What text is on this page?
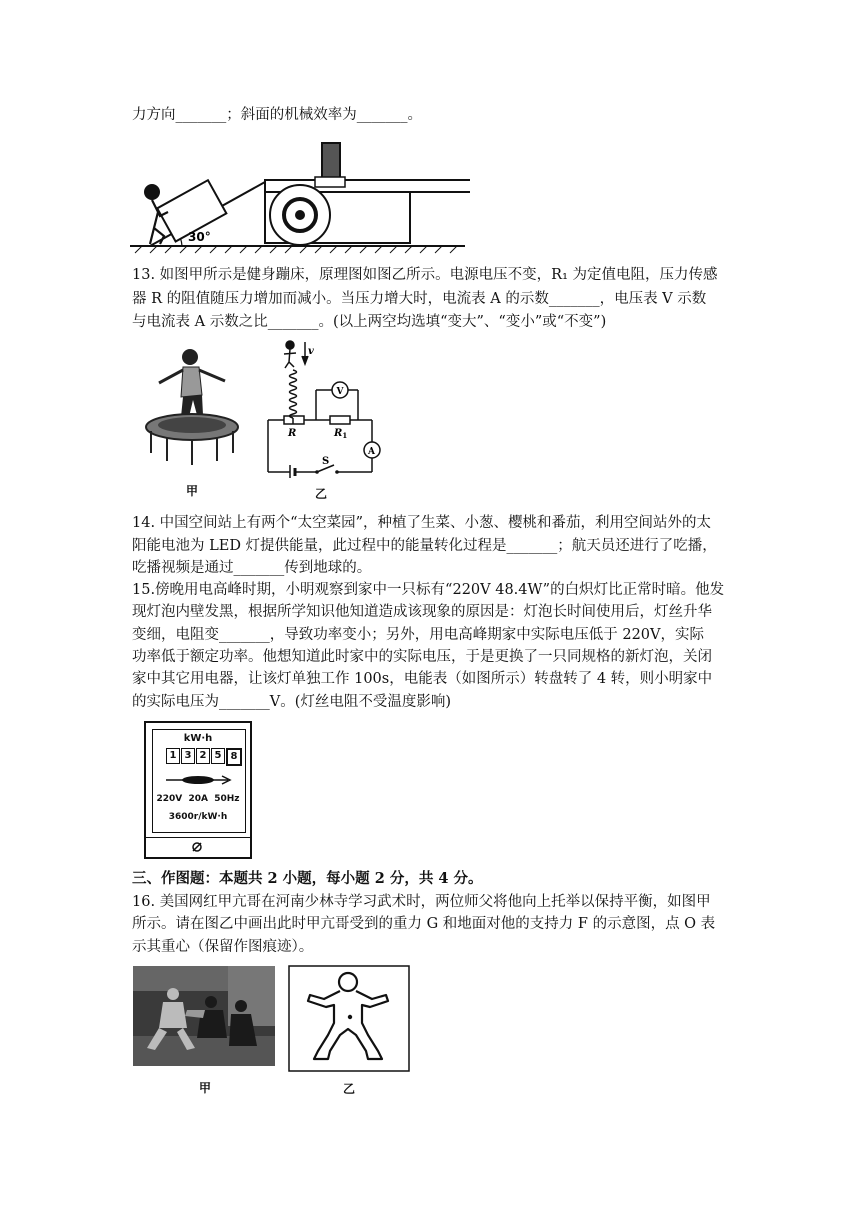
力方向_______；斜面的机械效率为_______。
13. 如图甲所示是健身蹦床，原理图如图乙所示。电源电压不变，R₁ 为定值电阻，压力传感
器 R 的阻值随压力增加而减小。当压力增大时，电流表 A 的示数_______，电压表 V 示数
与电流表 A 示数之比_______。(以上两空均选填“变大”、“变小”或“不变”)
14. 中国空间站上有两个“太空菜园”，种植了生菜、小葱、樱桃和番茄，利用空间站外的太
阳能电池为 LED 灯提供能量，此过程中的能量转化过程是_______；航天员还进行了吃播，
吃播视频是通过_______传到地球的。
15.傍晚用电高峰时期，小明观察到家中一只标有“220V 48.4W”的白炽灯比正常时暗。他发
现灯泡内壁发黑，根据所学知识他知道造成该现象的原因是：灯泡长时间使用后，灯丝升华
变细，电阻变_______，导致功率变小；另外，用电高峰期家中实际电压低于 220V，实际
功率低于额定功率。他想知道此时家中的实际电压，于是更换了一只同规格的新灯泡，关闭
家中其它用电器，让该灯单独工作 100s，电能表（如图所示）转盘转了 4 转，则小明家中
的实际电压为_______V。(灯丝电阻不受温度影响)
三、作图题：本题共 2 小题，每小题 2 分，共 4 分。
16. 美国网红甲亢哥在河南少林寺学习武术时，两位师父将他向上托举以保持平衡，如图甲
所示。请在图乙中画出此时甲亢哥受到的重力 G 和地面对他的支持力 F 的示意图，点 O 表
示其重心（保留作图痕迹）。
30°
甲
v
V
A
R	$R_1$
S
乙
kW·h
1 3 2 5 8
220V  20A  50Hz
3600r/kW·h
甲	乙
